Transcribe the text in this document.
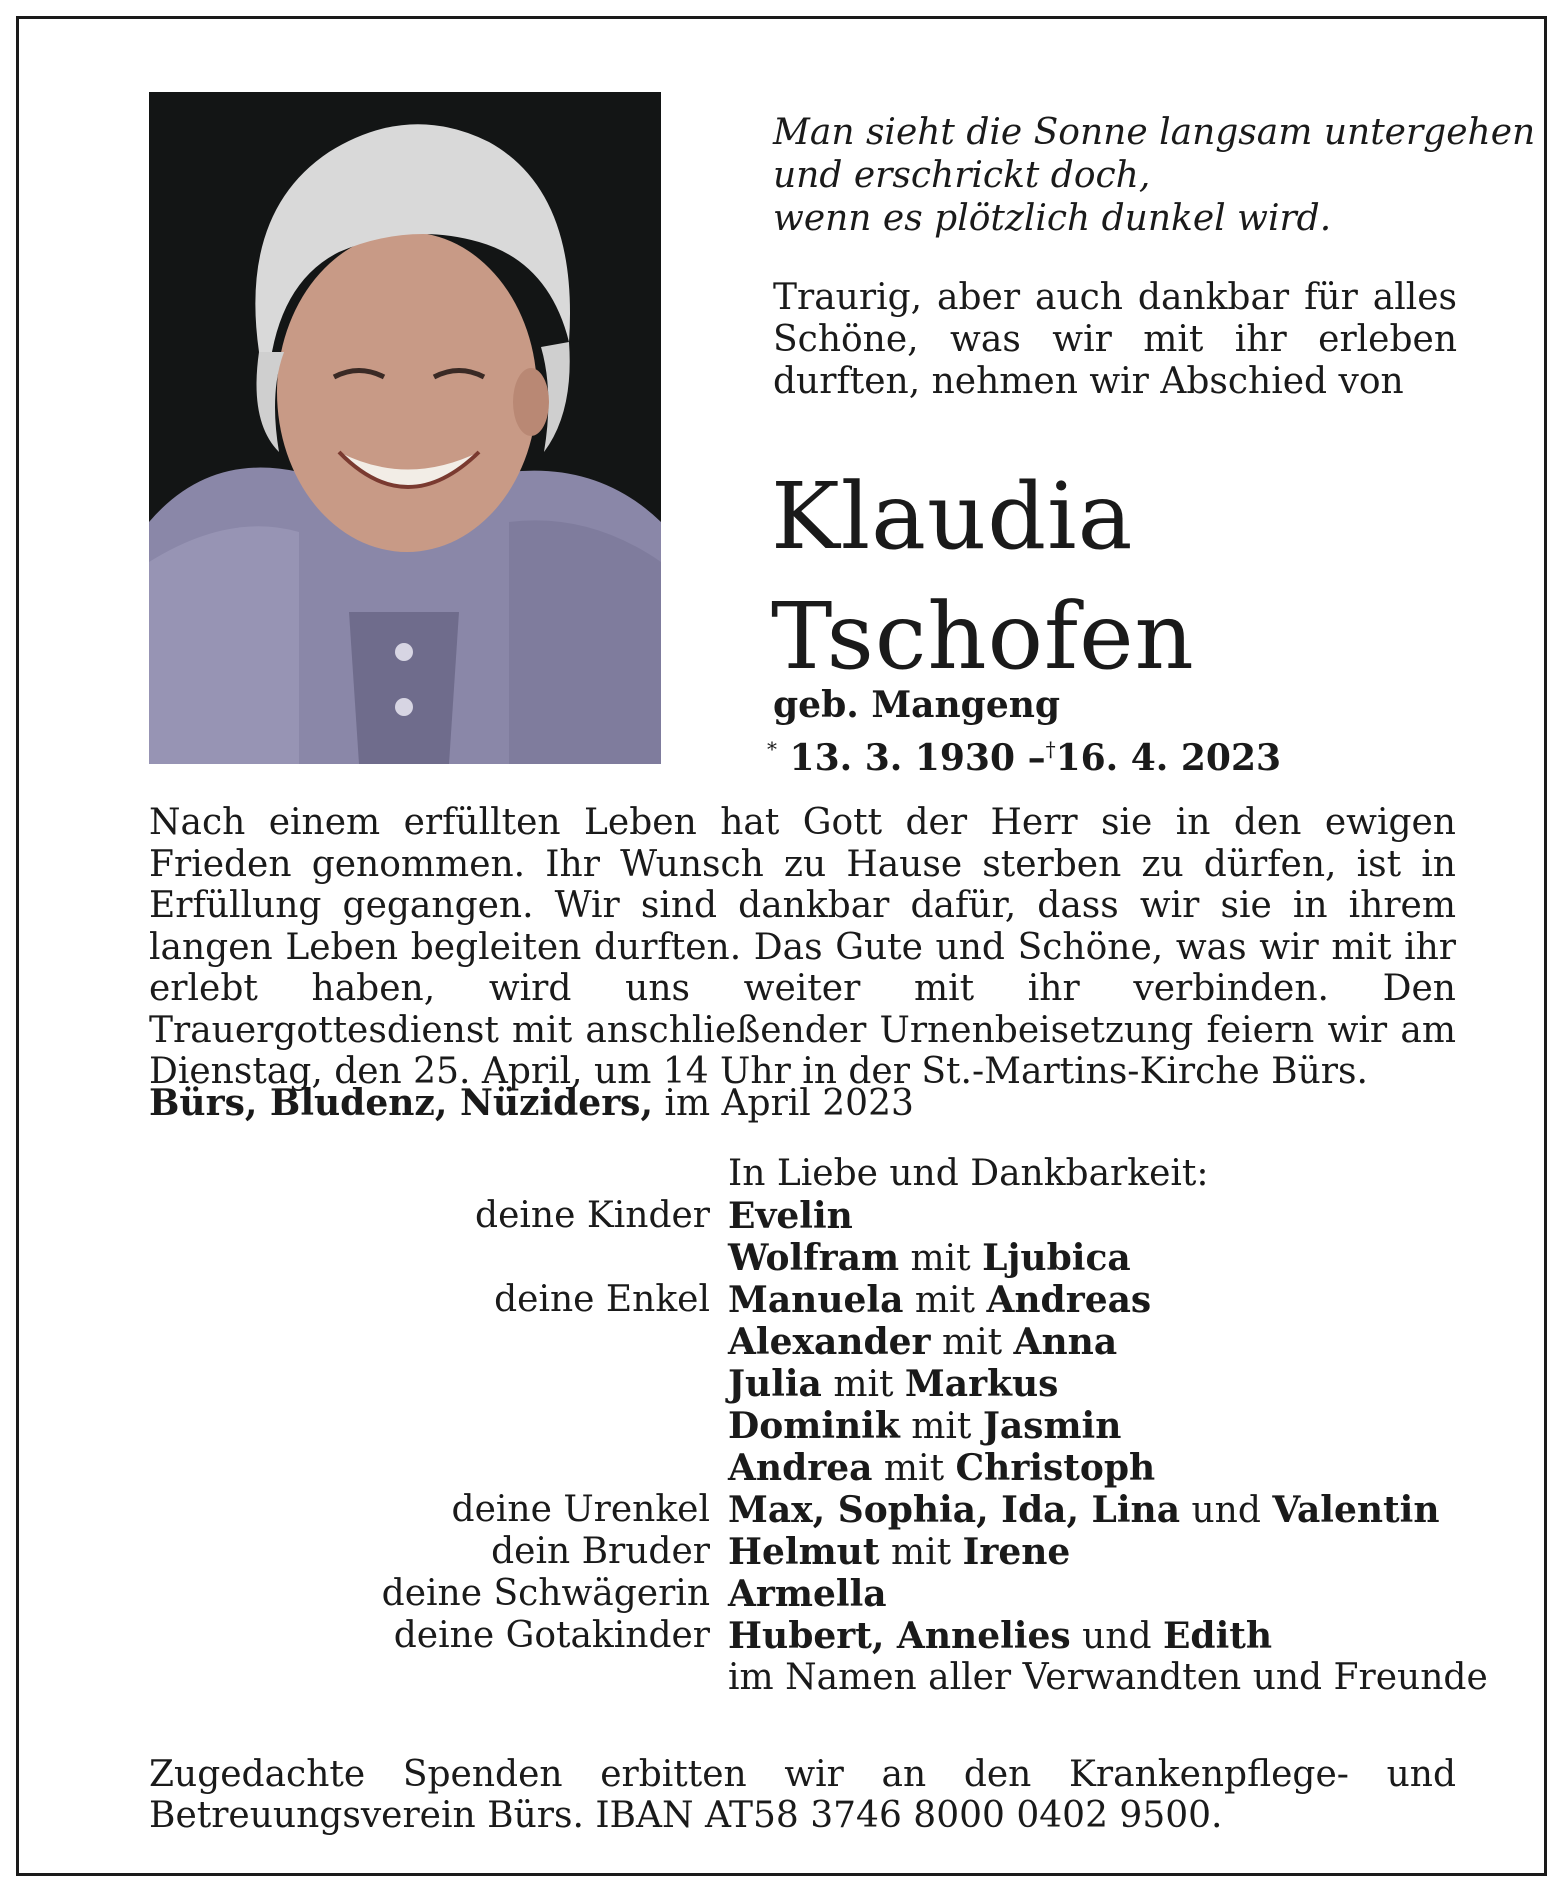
Man sieht die Sonne langsam untergehen
und erschrickt doch,
wenn es plötzlich dunkel wird.

Traurig, aber auch dankbar für alles Schöne, was wir mit ihr erleben durften, nehmen wir Abschied von

Klaudia
Tschofen
geb. Mangeng
* 13. 3. 1930 –†16. 4. 2023

Nach einem erfüllten Leben hat Gott der Herr sie in den ewigen Frieden genommen. Ihr Wunsch zu Hause sterben zu dürfen, ist in Erfüllung gegangen. Wir sind dankbar dafür, dass wir sie in ihrem langen Leben begleiten durften. Das Gute und Schöne, was wir mit ihr erlebt haben, wird uns weiter mit ihr verbinden. Den Trauergottesdienst mit anschließender Urnenbeisetzung feiern wir am Dienstag, den 25. April, um 14 Uhr in der St.-Martins-Kirche Bürs.

Bürs, Bludenz, Nüziders, im April 2023
In Liebe und Dankbarkeit:
deine Kinder Evelin
Wolfram mit Ljubica
deine Enkel Manuela mit Andreas
Alexander mit Anna
Julia mit Markus
Dominik mit Jasmin
Andrea mit Christoph
deine Urenkel Max, Sophia, Ida, Lina und Valentin
dein Bruder Helmut mit Irene
deine Schwägerin Armella
deine Gotakinder Hubert, Annelies und Edith
im Namen aller Verwandten und Freunde

Zugedachte Spenden erbitten wir an den Krankenpflege- und Betreuungsverein Bürs. IBAN AT58 3746 8000 0402 9500.
